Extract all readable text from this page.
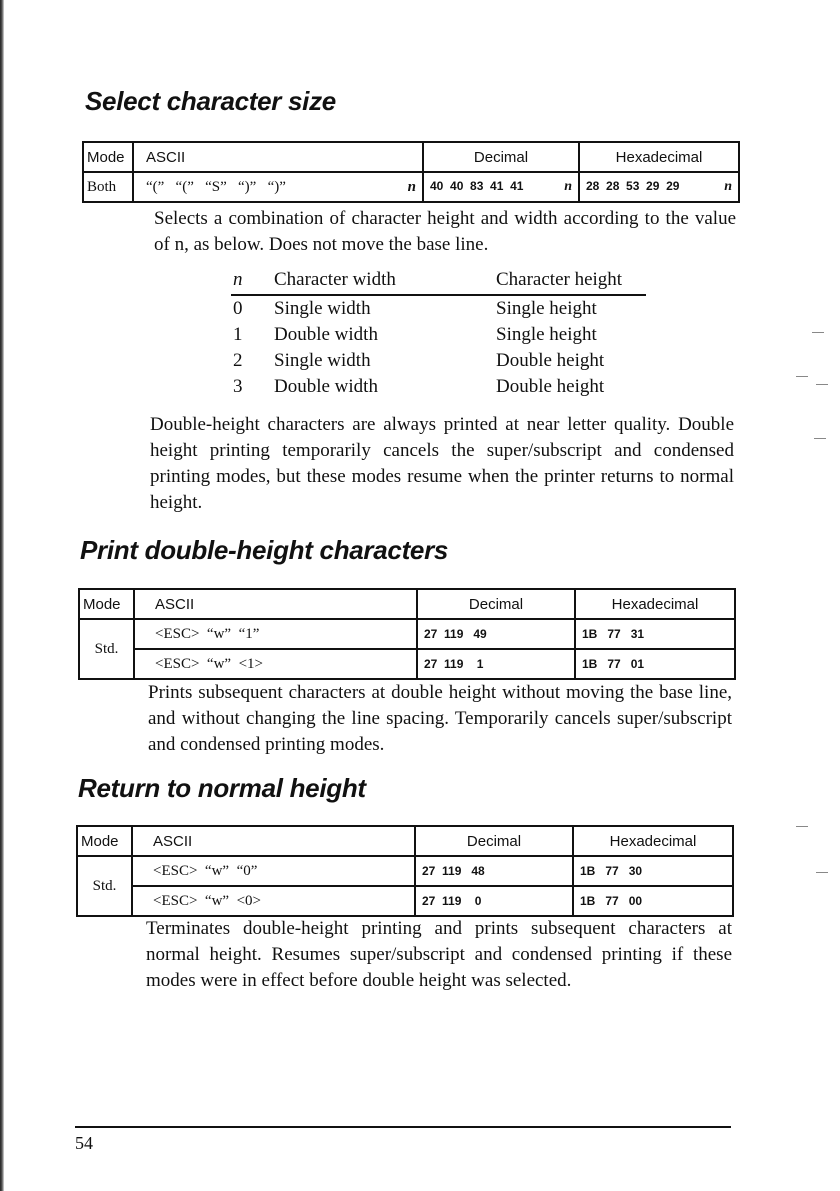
Select character size
Mode	ASCII	Decimal	Hexadecimal
Both	“(”   “(”   “S”   “)”   “)” n	40  40  83  41  41 n	28  28  53  29  29 n
Selects a combination of character height and width according to the value of n, as below. Does not move the base line.
n	Character width	Character height
0	Single width	Single height
1	Double width	Single height
2	Single width	Double height
3	Double width	Double height
Double-height characters are always printed at near letter quality. Double height printing temporarily cancels the super/subscript and condensed printing modes, but these modes resume when the printer returns to normal height.
Print double-height characters
Mode	ASCII	Decimal	Hexadecimal
Std.	<ESC>  “w”  “1”	27  119   49	1B   77   31
	<ESC>  “w”  <1>	27  119    1	1B   77   01
Prints subsequent characters at double height without moving the base line, and without changing the line spacing. Temporarily cancels super/subscript and condensed printing modes.
Return to normal height
Mode	ASCII	Decimal	Hexadecimal
Std.	<ESC>  “w”  “0”	27  119   48	1B   77   30
	<ESC>  “w”  <0>	27  119    0	1B   77   00
Terminates double-height printing and prints subsequent characters at normal height. Resumes super/subscript and condensed printing if these modes were in effect before double height was selected.
54
